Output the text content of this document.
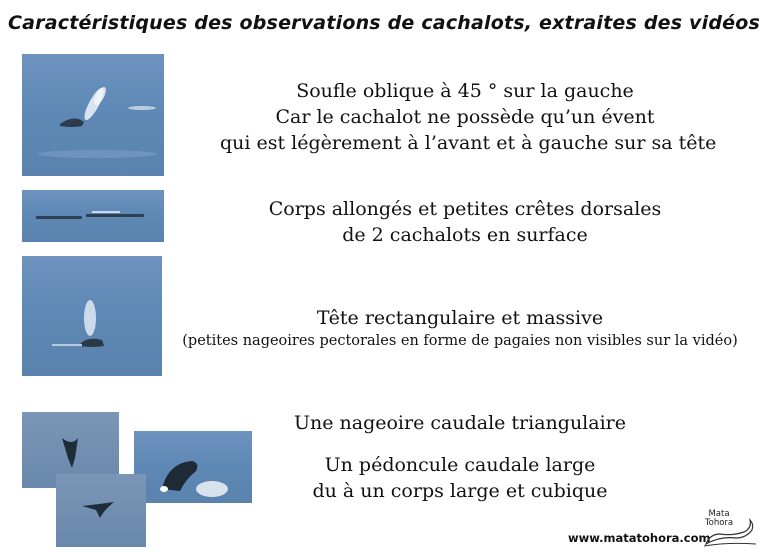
Caractéristiques des observations de cachalots, extraites des vidéos
Soufle oblique à 45 ° sur la gauche
Car le cachalot ne possède qu’un évent
qui est légèrement à l’avant et à gauche sur sa tête
Corps allongés et petites crêtes dorsales
de 2 cachalots en surface
Tête rectangulaire et massive
(petites nageoires pectorales en forme de pagaies non visibles sur la vidéo)
Une nageoire caudale triangulaire
Un pédoncule caudale large
du à un corps large et cubique
www.matatohora.com
Mata
Tohora
